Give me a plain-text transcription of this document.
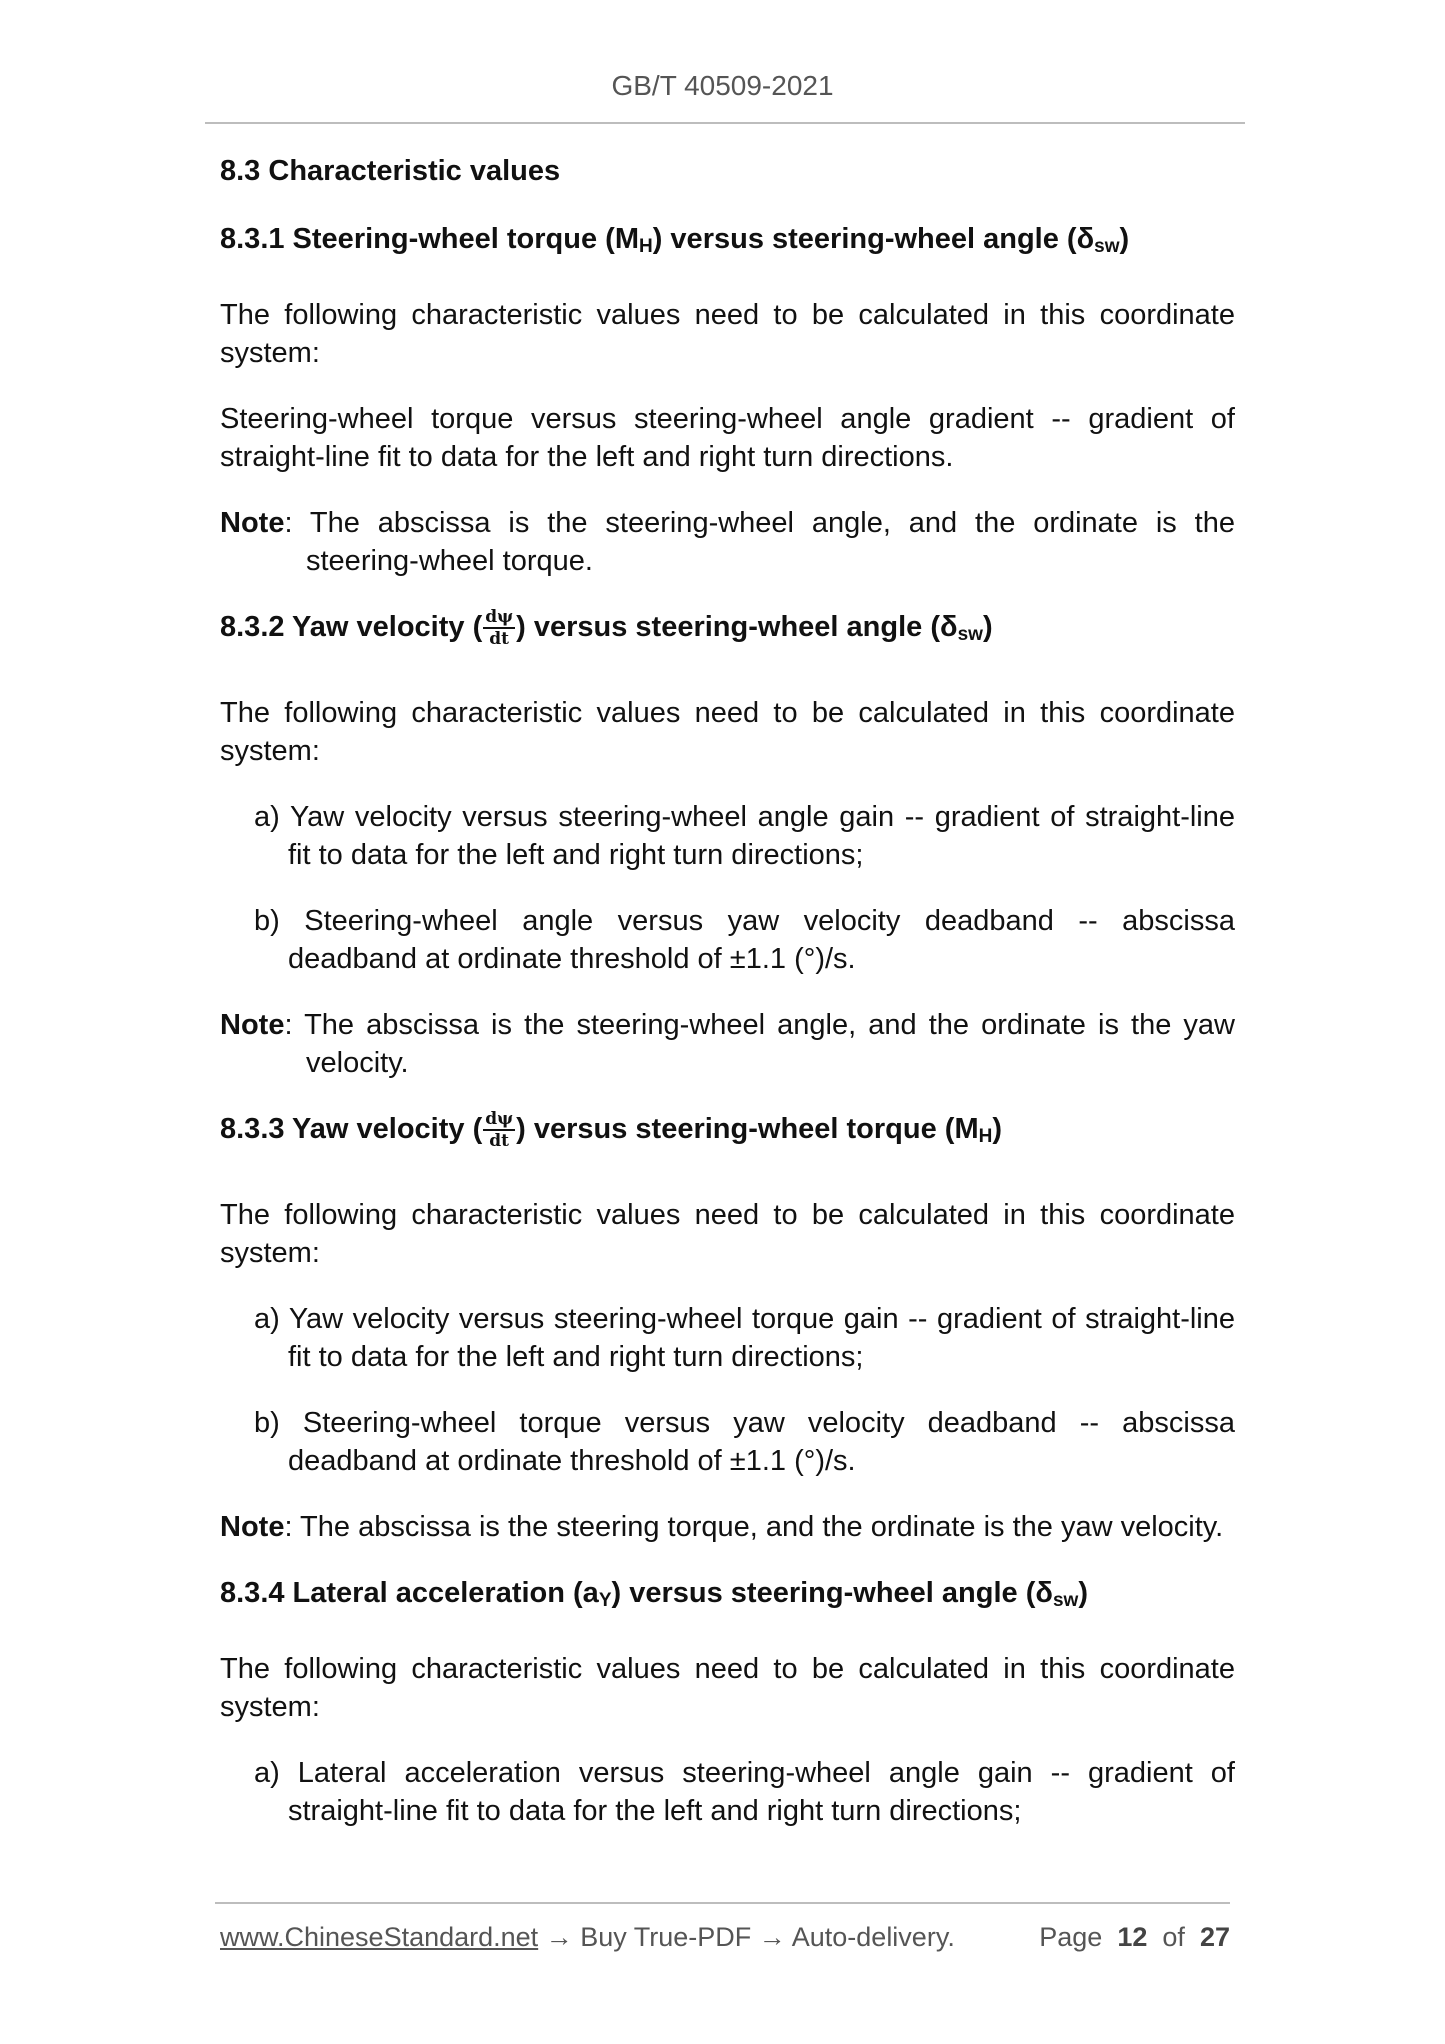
GB/T 40509-2021
8.3 Characteristic values
8.3.1 Steering-wheel torque $(M_H)$ versus steering-wheel angle $(\delta_{sw})$

The following characteristic values need to be calculated in this coordinate system:

Steering-wheel torque versus steering-wheel angle gradient -- gradient of straight-line fit to data for the left and right turn directions.

Note: The abscissa is the steering-wheel angle, and the ordinate is the steering-wheel torque.
8.3.2 Yaw velocity ( $\frac{d\psi}{dt}$ ) versus steering-wheel angle $(\delta_{sw})$

The following characteristic values need to be calculated in this coordinate system:

a) Yaw velocity versus steering-wheel angle gain -- gradient of straight-line fit to data for the left and right turn directions;
b) Steering-wheel angle versus yaw velocity deadband -- abscissa deadband at ordinate threshold of ±1.1 (°)/s.
Note: The abscissa is the steering-wheel angle, and the ordinate is the yaw velocity.
8.3.3 Yaw velocity ( $\frac{d\psi}{dt}$ ) versus steering-wheel torque $(M_H)$

The following characteristic values need to be calculated in this coordinate system:

a) Yaw velocity versus steering-wheel torque gain -- gradient of straight-line fit to data for the left and right turn directions;
b) Steering-wheel torque versus yaw velocity deadband -- abscissa deadband at ordinate threshold of ±1.1 (°)/s.
Note: The abscissa is the steering torque, and the ordinate is the yaw velocity.
8.3.4 Lateral acceleration $(a_Y)$ versus steering-wheel angle $(\delta_{sw})$

The following characteristic values need to be calculated in this coordinate system:

a) Lateral acceleration versus steering-wheel angle gain -- gradient of straight-line fit to data for the left and right turn directions;
www.ChineseStandard.net → Buy True-PDF → Auto-delivery.	Page 12 of 27
